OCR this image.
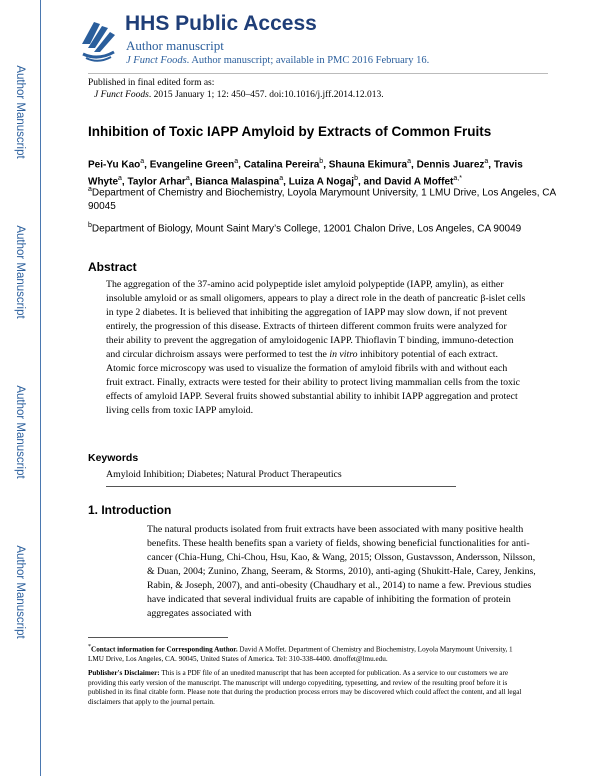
Author Manuscript
Author Manuscript
Author Manuscript
Author Manuscript
HHS Public Access
Author manuscript
J Funct Foods. Author manuscript; available in PMC 2016 February 16.
Published in final edited form as:
J Funct Foods. 2015 January 1; 12: 450–457. doi:10.1016/j.jff.2014.12.013.
Inhibition of Toxic IAPP Amyloid by Extracts of Common Fruits
Pei-Yu Kao$^a$, Evangeline Green$^a$, Catalina Pereira$^b$, Shauna Ekimura$^a$, Dennis Juarez$^a$, Travis Whyte$^a$, Taylor Arhar$^a$, Bianca Malaspina$^a$, Luiza A Nogaj$^b$, and David A Moffet$^{a,*}$
$^a$Department of Chemistry and Biochemistry, Loyola Marymount University, 1 LMU Drive, Los Angeles, CA 90045
$^b$Department of Biology, Mount Saint Mary’s College, 12001 Chalon Drive, Los Angeles, CA 90049
Abstract
The aggregation of the 37-amino acid polypeptide islet amyloid polypeptide (IAPP, amylin), as either insoluble amyloid or as small oligomers, appears to play a direct role in the death of pancreatic β-islet cells in type 2 diabetes. It is believed that inhibiting the aggregation of IAPP may slow down, if not prevent entirely, the progression of this disease. Extracts of thirteen different common fruits were analyzed for their ability to prevent the aggregation of amyloidogenic IAPP. Thioflavin T binding, immuno-detection and circular dichroism assays were performed to test the in vitro inhibitory potential of each extract. Atomic force microscopy was used to visualize the formation of amyloid fibrils with and without each fruit extract. Finally, extracts were tested for their ability to protect living mammalian cells from the toxic effects of amyloid IAPP. Several fruits showed substantial ability to inhibit IAPP aggregation and protect living cells from toxic IAPP amyloid.
Keywords
Amyloid Inhibition; Diabetes; Natural Product Therapeutics
1. Introduction
The natural products isolated from fruit extracts have been associated with many positive health benefits. These health benefits span a variety of fields, showing beneficial functionalities for anti-cancer (Chia-Hung, Chi-Chou, Hsu, Kao, & Wang, 2015; Olsson, Gustavsson, Andersson, Nilsson, & Duan, 2004; Zunino, Zhang, Seeram, & Storms, 2010), anti-aging (Shukitt-Hale, Carey, Jenkins, Rabin, & Joseph, 2007), and anti-obesity (Chaudhary et al., 2014) to name a few. Previous studies have indicated that several individual fruits are capable of inhibiting the formation of protein aggregates associated with
*Contact information for Corresponding Author. David A Moffet. Department of Chemistry and Biochemistry, Loyola Marymount University, 1 LMU Drive, Los Angeles, CA. 90045, United States of America. Tel: 310-338-4400. dmoffet@lmu.edu.
Publisher's Disclaimer: This is a PDF file of an unedited manuscript that has been accepted for publication. As a service to our customers we are providing this early version of the manuscript. The manuscript will undergo copyediting, typesetting, and review of the resulting proof before it is published in its final citable form. Please note that during the production process errors may be discovered which could affect the content, and all legal disclaimers that apply to the journal pertain.
